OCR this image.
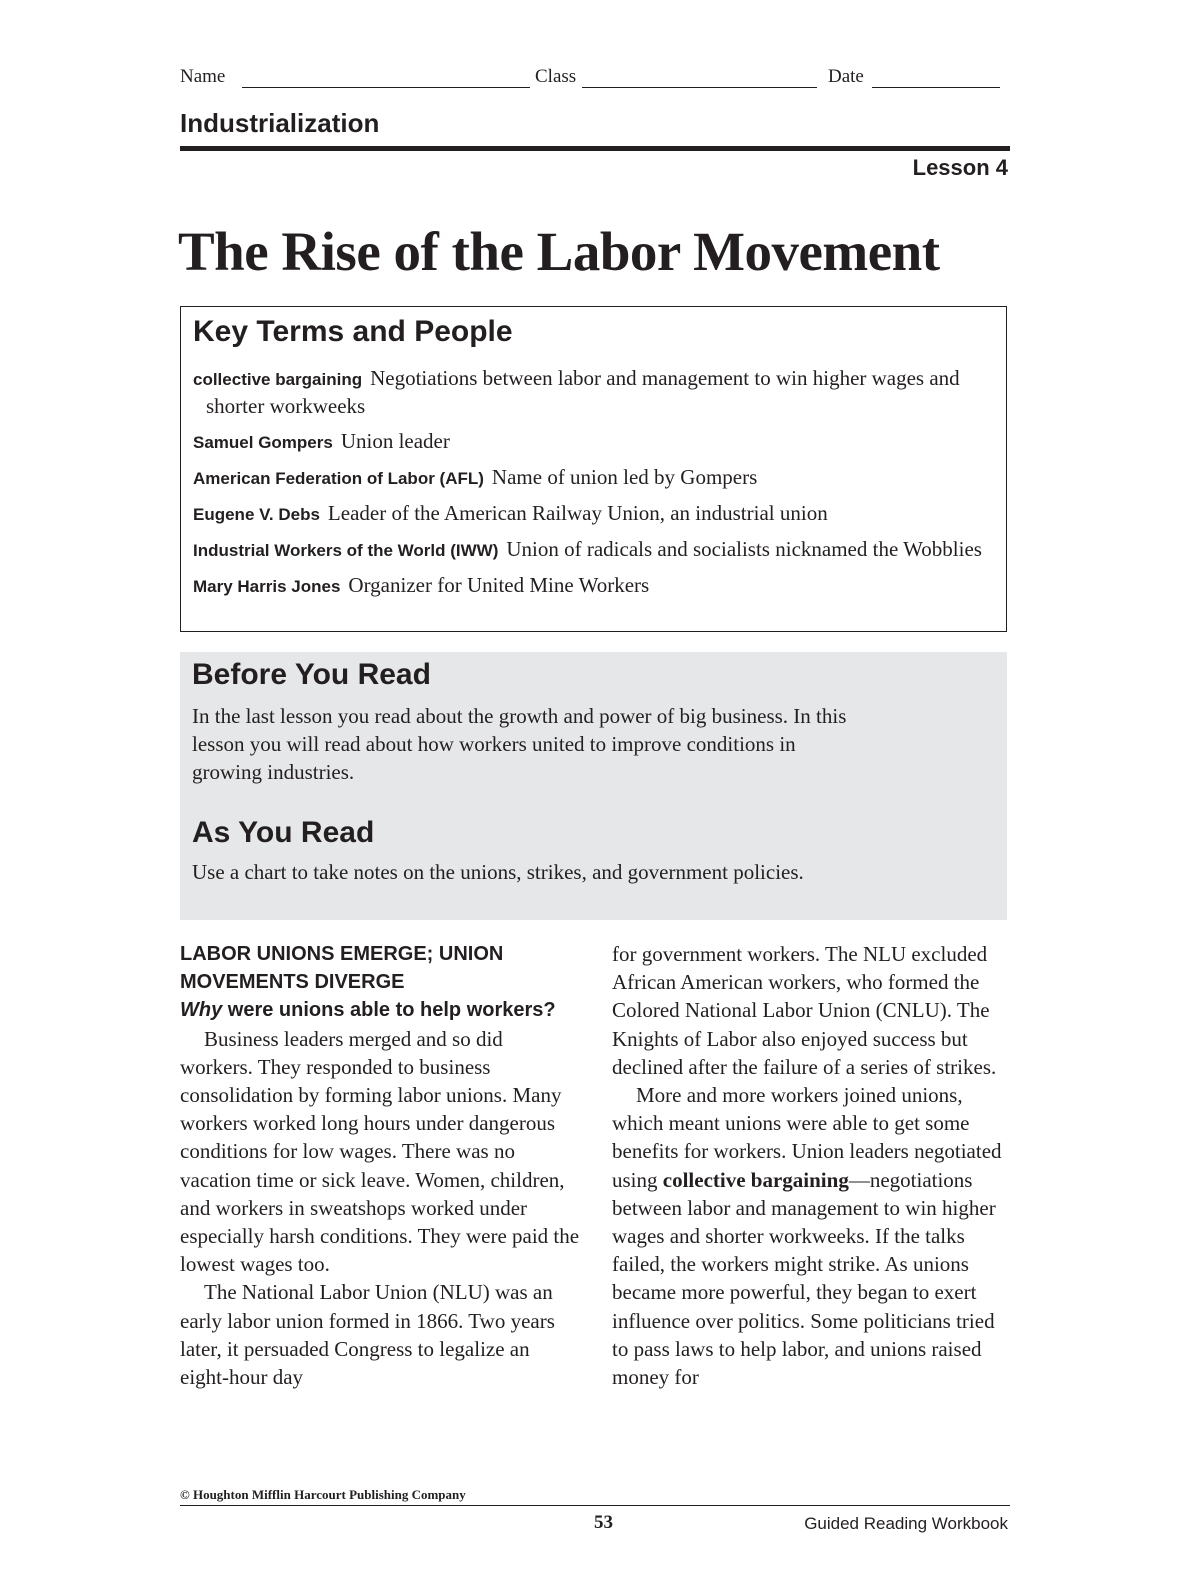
Name	Class	Date
Industrialization
Lesson 4
The Rise of the Labor Movement
Key Terms and People
collective bargaining Negotiations between labor and management to win higher wages and shorter workweeks
Samuel Gompers Union leader
American Federation of Labor (AFL) Name of union led by Gompers
Eugene V. Debs Leader of the American Railway Union, an industrial union
Industrial Workers of the World (IWW) Union of radicals and socialists nicknamed the Wobblies
Mary Harris Jones Organizer for United Mine Workers
Before You Read
In the last lesson you read about the growth and power of big business. In this lesson you will read about how workers united to improve conditions in growing industries.
As You Read
Use a chart to take notes on the unions, strikes, and government policies.
LABOR UNIONS EMERGE; UNION MOVEMENTS DIVERGE
Why were unions able to help workers?

Business leaders merged and so did workers. They responded to business consolidation by forming labor unions. Many workers worked long hours under dangerous conditions for low wages. There was no vacation time or sick leave. Women, children, and workers in sweatshops worked under especially harsh conditions. They were paid the lowest wages too.

The National Labor Union (NLU) was an early labor union formed in 1866. Two years later, it persuaded Congress to legalize an eight-hour day

for government workers. The NLU excluded African American workers, who formed the Colored National Labor Union (CNLU). The Knights of Labor also enjoyed success but declined after the failure of a series of strikes.

More and more workers joined unions, which meant unions were able to get some benefits for workers. Union leaders negotiated using collective bargaining—negotiations between labor and management to win higher wages and shorter workweeks. If the talks failed, the workers might strike. As unions became more powerful, they began to exert influence over politics. Some politicians tried to pass laws to help labor, and unions raised money for

© Houghton Mifflin Harcourt Publishing Company
53	Guided Reading Workbook
